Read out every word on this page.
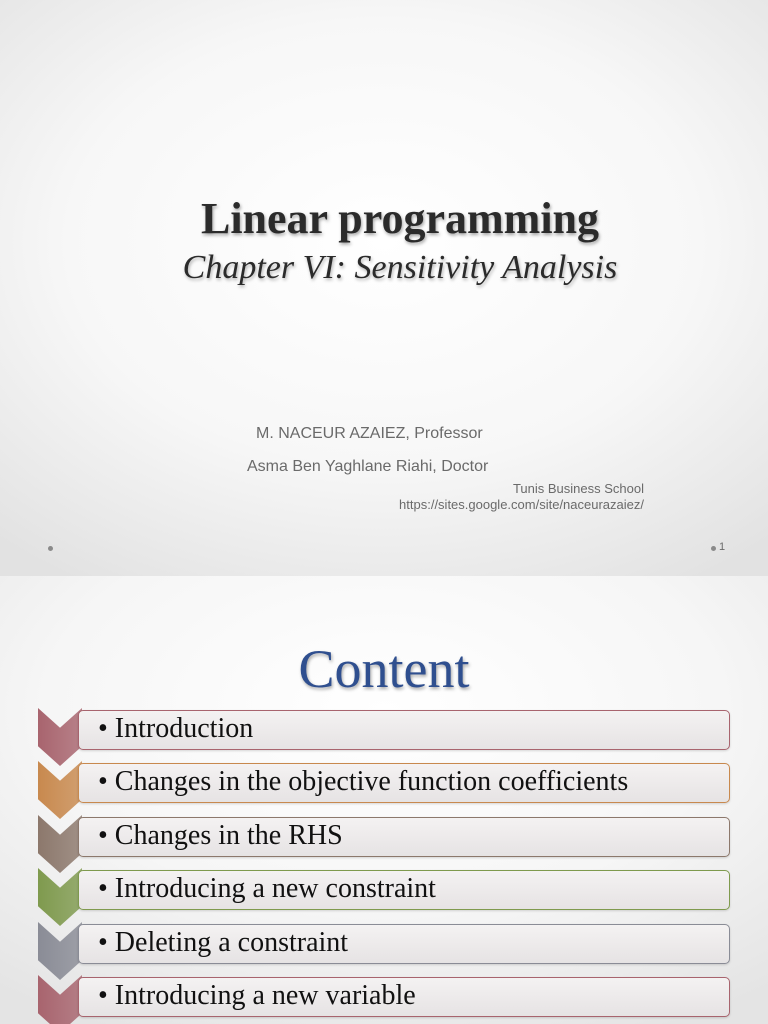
Linear programming
Chapter VI: Sensitivity Analysis
M. NACEUR AZAIEZ, Professor
Asma Ben Yaghlane Riahi, Doctor
Tunis Business School
https://sites.google.com/site/naceurazaiez/
1
Content
• Introduction
• Changes in the objective function coefficients
• Changes in the RHS
• Introducing a new constraint
• Deleting a constraint
• Introducing a new variable
